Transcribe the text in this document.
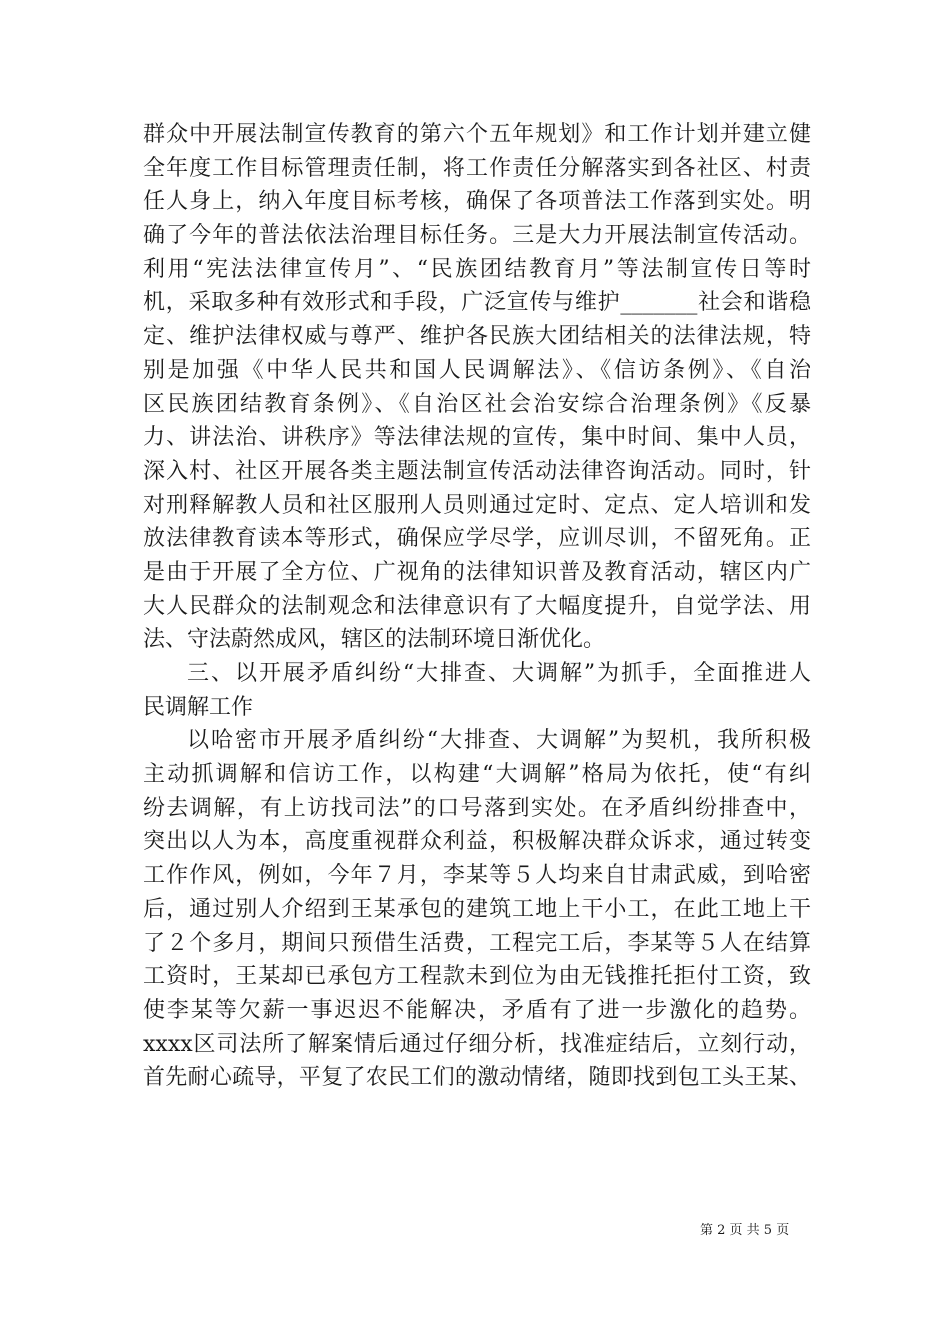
群众中开展法制宣传教育的第六个五年规划》和工作计划并建立健
全年度工作目标管理责任制，将工作责任分解落实到各社区、村责
任人身上，纳入年度目标考核，确保了各项普法工作落到实处。明
确了今年的普法依法治理目标任务。三是大力开展法制宣传活动。
利用“宪法法律宣传月”、“民族团结教育月”等法制宣传日等时
机，采取多种有效形式和手段，广泛宣传与维护_______社会和谐稳
定、维护法律权威与尊严、维护各民族大团结相关的法律法规，特
别是加强《中华人民共和国人民调解法》、《信访条例》、《自治
区民族团结教育条例》、《自治区社会治安综合治理条例》《反暴
力、讲法治、讲秩序》等法律法规的宣传，集中时间、集中人员，
深入村、社区开展各类主题法制宣传活动法律咨询活动。同时，针
对刑释解教人员和社区服刑人员则通过定时、定点、定人培训和发
放法律教育读本等形式，确保应学尽学，应训尽训，不留死角。正
是由于开展了全方位、广视角的法律知识普及教育活动，辖区内广
大人民群众的法制观念和法律意识有了大幅度提升，自觉学法、用
法、守法蔚然成风，辖区的法制环境日渐优化。
三、以开展矛盾纠纷“大排查、大调解”为抓手，全面推进人
民调解工作
以哈密市开展矛盾纠纷“大排查、大调解”为契机，我所积极
主动抓调解和信访工作，以构建“大调解”格局为依托，使“有纠
纷去调解，有上访找司法”的口号落到实处。在矛盾纠纷排查中，
突出以人为本，高度重视群众利益，积极解决群众诉求，通过转变
工作作风，例如，今年７月，李某等５人均来自甘肃武威，到哈密
后，通过别人介绍到王某承包的建筑工地上干小工，在此工地上干
了２个多月，期间只预借生活费，工程完工后，李某等５人在结算
工资时，王某却已承包方工程款未到位为由无钱推托拒付工资，致
使李某等欠薪一事迟迟不能解决，矛盾有了进一步激化的趋势。
xxxx区司法所了解案情后通过仔细分析，找准症结后，立刻行动，
首先耐心疏导，平复了农民工们的激动情绪，随即找到包工头王某、
第 2 页 共 5 页
